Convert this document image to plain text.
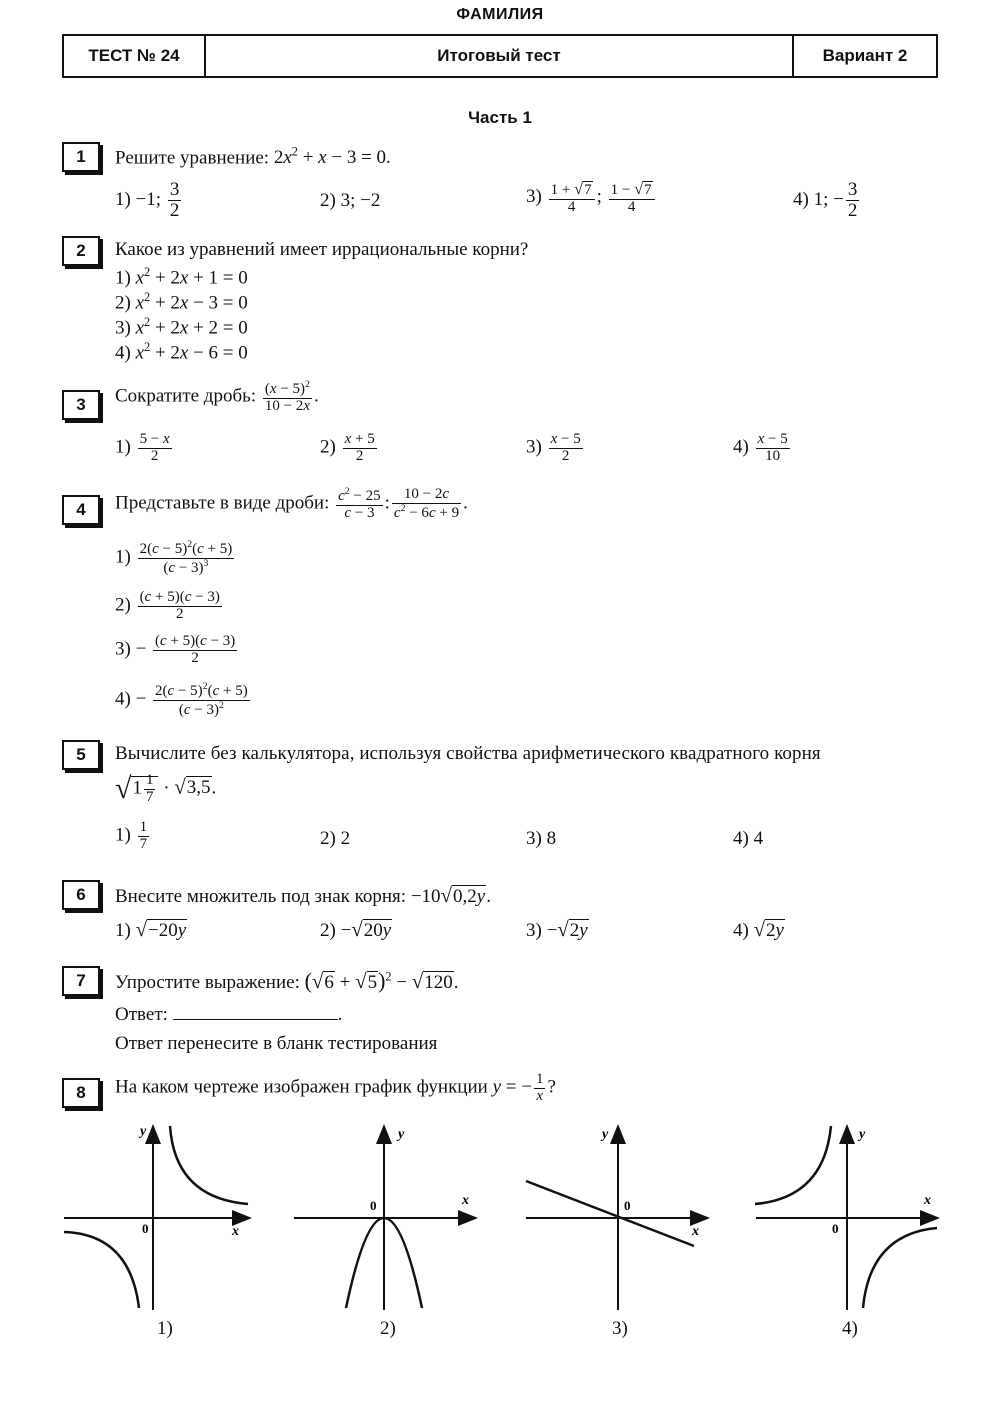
ФАМИЛИЯ
ТЕСТ № 24	Итоговый тест	Вариант 2
Часть 1
1	Решите уравнение: $2x^2 + x - 3 = 0$.
1) −1; $\frac{3}{2}$	2) 3; −2	$3) \frac{1 + √7}{4}$ ; $\frac{1 - √7}{4}$	4) 1; − $\frac{3}{2}$
2	Какое из уравнений имеет иррациональные корни?
1) $x^2 + 2x + 1 = 0$
2) $x^2 + 2x - 3 = 0$
3) $x^2 + 2x + 2 = 0$
4) $x^2 + 2x - 6 = 0$
3	Сократите дробь: $\frac{(x - 5)^2}{10 - 2x}$ .
$1) \frac{5 - x}{2}$	$2) \frac{x + 5}{2}$	$3) \frac{x - 5}{2}$	$4) \frac{x - 5}{10}$
4	Представьте в виде дроби: $\frac{c^2 - 25}{c - 3}$ : $\frac{10 - 2c}{c^2 - 6c + 9}$ .
$1) \frac{2(c - 5)^2(c + 5)}{(c - 3)^3}$
$2) \frac{(c + 5)(c - 3)}{2}$
$3) - \frac{(c + 5)(c - 3)}{2}$
$4) - \frac{2(c - 5)^2(c + 5)}{(c - 3)^2}$
5	Вычислите без калькулятора, используя свойства арифметического квадратного корня
$√1 \frac{1}{7} \cdot √3,5$.
$1) \frac{1}{7}$	2) 2	3) 8	4) 4
6	Внесите множитель под знак корня: −10√0,2y.
1) √−20y	2) −√20y	3) −√2y	4) √2y
7	Упростите выражение: $(√6 + √5)^2 - √120$.
Ответ:	.
Ответ перенесите в бланк тестирования
8	На каком чертеже изображен график функции y = − $\frac{1}{x}$ ?
y
x
0
1)
y
x
0
2)
y
x
0
3)
y
x
0
4)
